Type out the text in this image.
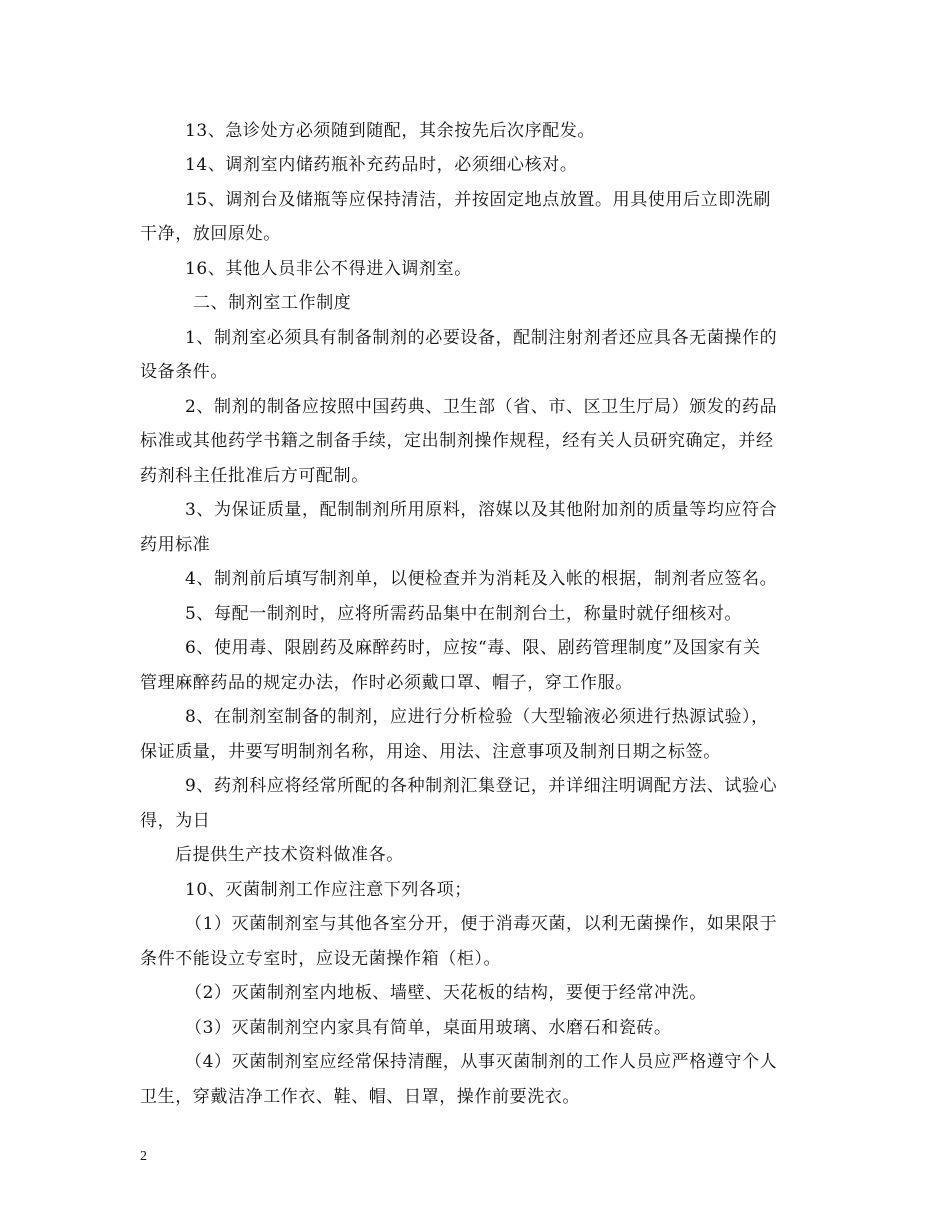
13、急诊处方必须随到随配，其余按先后次序配发。
14、调剂室内储药瓶补充药品时，必须细心核对。
15、调剂台及储瓶等应保持清洁，并按固定地点放置。用具使用后立即洗刷
干净，放回原处。
16、其他人员非公不得进入调剂室。
二、制剂室工作制度
1、制剂室必须具有制备制剂的必要设备，配制注射剂者还应具各无菌操作的
设备条件。
2、制剂的制备应按照中国药典、卫生部（省、市、区卫生厅局）颁发的药品
标准或其他药学书籍之制备手续，定出制剂操作规程，经有关人员研究确定，并经
药剂科主任批准后方可配制。
3、为保证质量，配制制剂所用原料，溶媒以及其他附加剂的质量等均应符合
药用标准
4、制剂前后填写制剂单，以便检查并为消耗及入帐的根据，制剂者应签名。
5、每配一制剂时，应将所需药品集中在制剂台土，称量时就仔细核对。
6、使用毒、限剧药及麻醉药时，应按“毒、限、剧药管理制度”及国家有关
管理麻醉药品的规定办法，作时必须戴口罩、帽子，穿工作服。
8、在制剂室制备的制剂，应进行分析检验（大型输液必须进行热源试验），
保证质量，井要写明制剂名称，用途、用法、注意事项及制剂日期之标签。
9、药剂科应将经常所配的各种制剂汇集登记，并详细注明调配方法、试验心
得，为日
后提供生产技术资料做准各。
10、灭菌制剂工作应注意下列各项；
（1）灭菌制剂室与其他各室分开，便于消毒灭菌，以利无菌操作，如果限于
条件不能设立专室时，应设无菌操作箱（柜）。
（2）灭菌制剂室内地板、墙壁、天花板的结构，要便于经常冲洗。
（3）灭菌制剂空内家具有简单，桌面用玻璃、水磨石和瓷砖。
（4）灭菌制剂室应经常保持清醒，从事灭菌制剂的工作人员应严格遵守个人
卫生，穿戴洁净工作衣、鞋、帽、日罩，操作前要洗衣。
2
